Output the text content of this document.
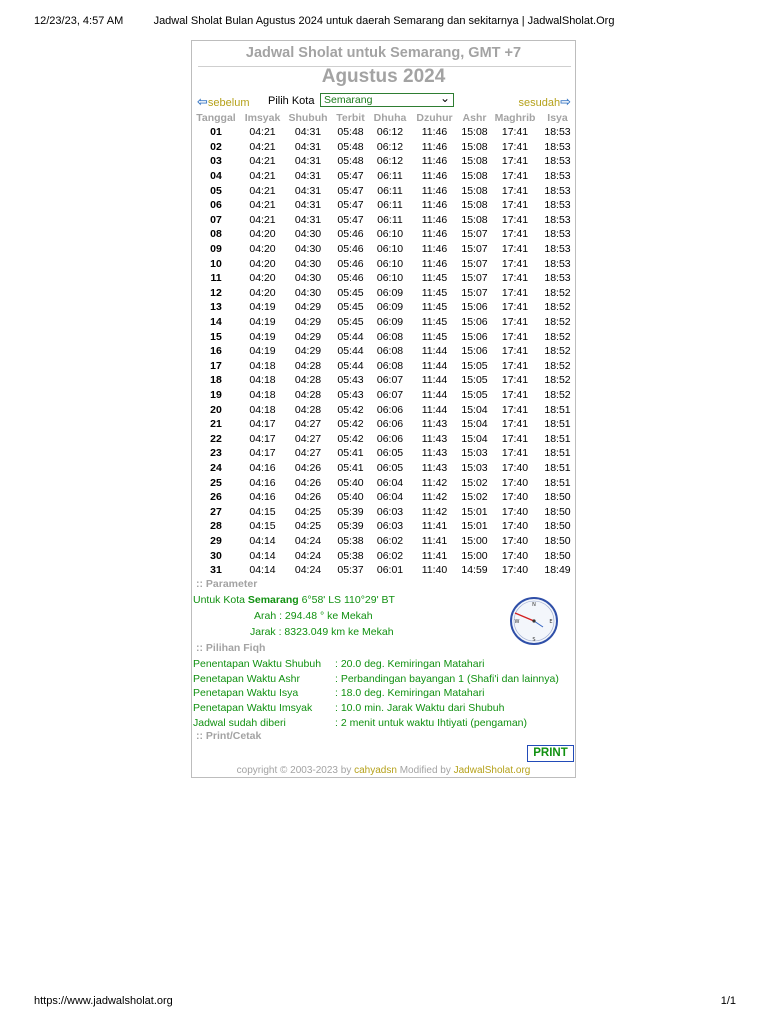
12/23/23, 4:57 AM	Jadwal Sholat Bulan Agustus 2024 untuk daerah Semarang dan sekitarnya | JadwalSholat.Org
Jadwal Sholat untuk Semarang, GMT +7
Agustus 2024
⇦sebelum Pilih Kota Semarang	⌄	sesudah⇨
Tanggal	Imsyak	Shubuh	Terbit	Dhuha	Dzuhur	Ashr	Maghrib	Isya
01	04:21	04:31	05:48	06:12	11:46	15:08	17:41	18:53
02	04:21	04:31	05:48	06:12	11:46	15:08	17:41	18:53
03	04:21	04:31	05:48	06:12	11:46	15:08	17:41	18:53
04	04:21	04:31	05:47	06:11	11:46	15:08	17:41	18:53
05	04:21	04:31	05:47	06:11	11:46	15:08	17:41	18:53
06	04:21	04:31	05:47	06:11	11:46	15:08	17:41	18:53
07	04:21	04:31	05:47	06:11	11:46	15:08	17:41	18:53
08	04:20	04:30	05:46	06:10	11:46	15:07	17:41	18:53
09	04:20	04:30	05:46	06:10	11:46	15:07	17:41	18:53
10	04:20	04:30	05:46	06:10	11:46	15:07	17:41	18:53
11	04:20	04:30	05:46	06:10	11:45	15:07	17:41	18:53
12	04:20	04:30	05:45	06:09	11:45	15:07	17:41	18:52
13	04:19	04:29	05:45	06:09	11:45	15:06	17:41	18:52
14	04:19	04:29	05:45	06:09	11:45	15:06	17:41	18:52
15	04:19	04:29	05:44	06:08	11:45	15:06	17:41	18:52
16	04:19	04:29	05:44	06:08	11:44	15:06	17:41	18:52
17	04:18	04:28	05:44	06:08	11:44	15:05	17:41	18:52
18	04:18	04:28	05:43	06:07	11:44	15:05	17:41	18:52
19	04:18	04:28	05:43	06:07	11:44	15:05	17:41	18:52
20	04:18	04:28	05:42	06:06	11:44	15:04	17:41	18:51
21	04:17	04:27	05:42	06:06	11:43	15:04	17:41	18:51
22	04:17	04:27	05:42	06:06	11:43	15:04	17:41	18:51
23	04:17	04:27	05:41	06:05	11:43	15:03	17:41	18:51
24	04:16	04:26	05:41	06:05	11:43	15:03	17:40	18:51
25	04:16	04:26	05:40	06:04	11:42	15:02	17:40	18:51
26	04:16	04:26	05:40	06:04	11:42	15:02	17:40	18:50
27	04:15	04:25	05:39	06:03	11:42	15:01	17:40	18:50
28	04:15	04:25	05:39	06:03	11:41	15:01	17:40	18:50
29	04:14	04:24	05:38	06:02	11:41	15:00	17:40	18:50
30	04:14	04:24	05:38	06:02	11:41	15:00	17:40	18:50
31	04:14	04:24	05:37	06:01	11:40	14:59	17:40	18:49
:: Parameter
Untuk Kota Semarang 6°58' LS 110°29' BT
Arah : 294.48 ° ke Mekah
Jarak : 8323.049 km ke Mekah
N
S
E
W
:: Pilihan Fiqh
Penentapan Waktu Shubuh : 20.0 deg. Kemiringan Matahari
Penetapan Waktu Ashr	: Perbandingan bayangan 1 (Shafi'i dan lainnya)
Penetapan Waktu Isya	: 18.0 deg. Kemiringan Matahari
Penetapan Waktu Imsyak : 10.0 min. Jarak Waktu dari Shubuh
Jadwal sudah diberi	: 2 menit untuk waktu Ihtiyati (pengaman)
:: Print/Cetak
PRINT
copyright © 2003-2023 by cahyadsn Modified by JadwalSholat.org
https://www.jadwalsholat.org	1/1
